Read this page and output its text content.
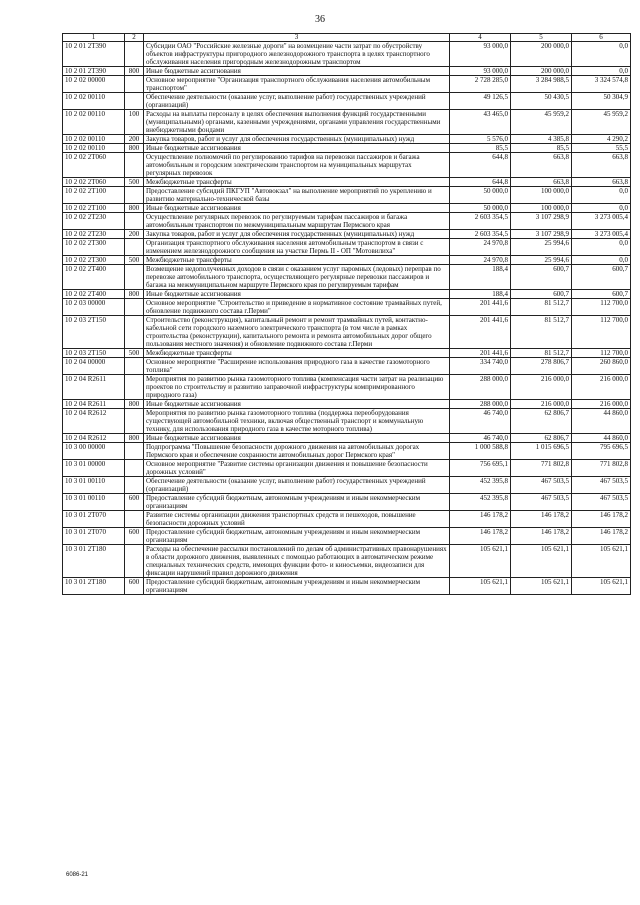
36
1	2	3	4	5	6
10 2 01 2T390		Субсидии ОАО "Российские железные дороги" на возмещение части затрат по обустройству объектов инфраструктуры пригородного железнодорожного транспорта в целях транспортного обслуживания населения пригородным железнодорожным транспортом	93 000,0	200 000,0	0,0
10 2 01 2T390	800	Иные бюджетные ассигнования	93 000,0	200 000,0	0,0
10 2 02 00000		Основное мероприятие "Организация транспортного обслуживания населения автомобильным транспортом"	2 728 285,0	3 284 988,5	3 324 574,8
10 2 02 00110		Обеспечение деятельности (оказание услуг, выполнение работ) государственных учреждений (организаций)	49 126,5	50 430,5	50 304,9
10 2 02 00110	100	Расходы на выплаты персоналу в целях обеспечения выполнения функций государственными (муниципальными) органами, казенными учреждениями, органами управления государственными внебюджетными фондами	43 465,0	45 959,2	45 959,2
10 2 02 00110	200	Закупка товаров, работ и услуг для обеспечения государственных (муниципальных) нужд	5 576,0	4 385,8	4 290,2
10 2 02 00110	800	Иные бюджетные ассигнования	85,5	85,5	55,5
10 2 02 2T060		Осуществление полномочий по регулированию тарифов на перевозки пассажиров и багажа автомобильным и городским электрическим транспортом на муниципальных маршрутах регулярных перевозок	644,8	663,8	663,8
10 2 02 2T060	500	Межбюджетные трансферты	644,8	663,8	663,8
10 2 02 2T100		Предоставление субсидий ПКГУП "Автовокзал" на выполнение мероприятий по укреплению и развитию материально-технической базы	50 000,0	100 000,0	0,0
10 2 02 2T100	800	Иные бюджетные ассигнования	50 000,0	100 000,0	0,0
10 2 02 2T230		Осуществление регулярных перевозок по регулируемым тарифам пассажиров и багажа автомобильным транспортом по межмуниципальным маршрутам Пермского края	2 603 354,5	3 107 298,9	3 273 005,4
10 2 02 2T230	200	Закупка товаров, работ и услуг для обеспечения государственных (муниципальных) нужд	2 603 354,5	3 107 298,9	3 273 005,4
10 2 02 2T300		Организация транспортного обслуживания населения автомобильным транспортом в связи с изменением железнодорожного сообщения на участке Пермь II - ОП "Мотовилиха"	24 970,8	25 994,6	0,0
10 2 02 2T300	500	Межбюджетные трансферты	24 970,8	25 994,6	0,0
10 2 02 2T400		Возмещение недополученных доходов в связи с оказанием услуг паромных (ледовых) переправ по перевозке автомобильного транспорта, осуществляющего регулярные перевозки пассажиров и багажа на межмуниципальном маршруте Пермского края по регулируемым тарифам	188,4	600,7	600,7
10 2 02 2T400	800	Иные бюджетные ассигнования	188,4	600,7	600,7
10 2 03 00000		Основное мероприятие "Строительство и приведение в нормативное состояние трамвайных путей, обновление подвижного состава г.Перми"	201 441,6	81 512,7	112 700,0
10 2 03 2T150		Строительство (реконструкция), капитальный ремонт и ремонт трамвайных путей, контактно-кабельной сети городского наземного электрического транспорта (в том числе в рамках строительства (реконструкции), капитального ремонта и ремонта автомобильных дорог общего пользования местного значения) и обновление подвижного состава г.Перми	201 441,6	81 512,7	112 700,0
10 2 03 2T150	500	Межбюджетные трансферты	201 441,6	81 512,7	112 700,0
10 2 04 00000		Основное мероприятие "Расширение использования природного газа в качестве газомоторного топлива"	334 740,0	278 806,7	260 860,0
10 2 04 R2611		Мероприятия по развитию рынка газомоторного топлива (компенсация части затрат на реализацию проектов по строительству и развитию заправочной инфраструктуры компримированного природного газа)	288 000,0	216 000,0	216 000,0
10 2 04 R2611	800	Иные бюджетные ассигнования	288 000,0	216 000,0	216 000,0
10 2 04 R2612		Мероприятия по развитию рынка газомоторного топлива (поддержка переоборудования существующей автомобильной техники, включая общественный транспорт и коммунальную технику, для использования природного газа в качестве моторного топлива)	46 740,0	62 806,7	44 860,0
10 2 04 R2612	800	Иные бюджетные ассигнования	46 740,0	62 806,7	44 860,0
10 3 00 00000		Подпрограмма "Повышение безопасности дорожного движения на автомобильных дорогах Пермского края и обеспечение сохранности автомобильных дорог Пермского края"	1 000 588,8	1 015 696,5	795 696,5
10 3 01 00000		Основное мероприятие "Развитие системы организации движения и повышение безопасности дорожных условий"	756 695,1	771 802,8	771 802,8
10 3 01 00110		Обеспечение деятельности (оказание услуг, выполнение работ) государственных учреждений (организаций)	452 395,8	467 503,5	467 503,5
10 3 01 00110	600	Предоставление субсидий бюджетным, автономным учреждениям и иным некоммерческим организациям	452 395,8	467 503,5	467 503,5
10 3 01 2T070		Развитие системы организации движения транспортных средств и пешеходов, повышение безопасности дорожных условий	146 178,2	146 178,2	146 178,2
10 3 01 2T070	600	Предоставление субсидий бюджетным, автономным учреждениям и иным некоммерческим организациям	146 178,2	146 178,2	146 178,2
10 3 01 2T180		Расходы на обеспечение рассылки постановлений по делам об административных правонарушениях в области дорожного движения, выявленных с помощью работающих в автоматическом режиме специальных технических средств, имеющих функции фото- и киносъемки, видеозаписи для фиксации нарушений правил дорожного движения	105 621,1	105 621,1	105 621,1
10 3 01 2T180	600	Предоставление субсидий бюджетным, автономным учреждениям и иным некоммерческим организациям	105 621,1	105 621,1	105 621,1
6086-21
